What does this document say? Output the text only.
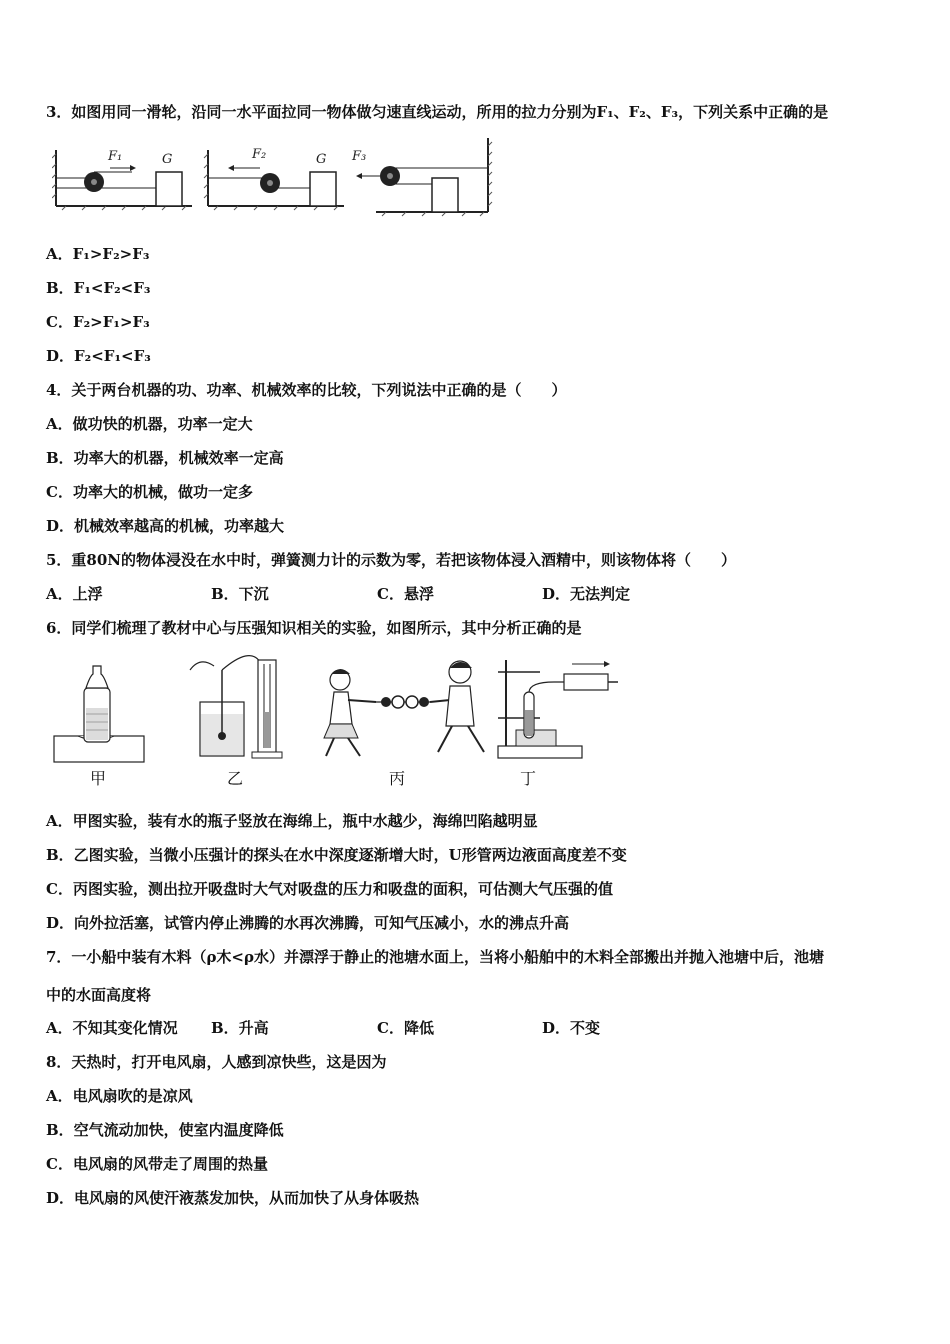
3．如图用同一滑轮，沿同一水平面拉同一物体做匀速直线运动，所用的拉力分别为F₁、F₂、F₃，下列关系中正确的是
F₁	G	F₂	G F₃
A．F₁>F₂>F₃
B．F₁<F₂<F₃
C．F₂>F₁>F₃
D．F₂<F₁<F₃
4．关于两台机器的功、功率、机械效率的比较，下列说法中正确的是（　　）
A．做功快的机器，功率一定大
B．功率大的机器，机械效率一定高
C．功率大的机械，做功一定多
D．机械效率越高的机械，功率越大
5．重80N的物体浸没在水中时，弹簧测力计的示数为零，若把该物体浸入酒精中，则该物体将（　　）
A．上浮	B．下沉	C．悬浮	D．无法判定
6．同学们梳理了教材中心与压强知识相关的实验，如图所示，其中分析正确的是
甲	乙	丙	丁
A．甲图实验，装有水的瓶子竖放在海绵上，瓶中水越少，海绵凹陷越明显
B．乙图实验，当微小压强计的探头在水中深度逐渐增大时，U形管两边液面高度差不变
C．丙图实验，测出拉开吸盘时大气对吸盘的压力和吸盘的面积，可估测大气压强的值
D．向外拉活塞，试管内停止沸腾的水再次沸腾，可知气压减小，水的沸点升高
7．一小船中装有木料（ρ木<ρ水）并漂浮于静止的池塘水面上，当将小船舶中的木料全部搬出并抛入池塘中后，池塘
中的水面高度将
A．不知其变化情况 B．升高	C．降低	D．不变
8．天热时，打开电风扇，人感到凉快些，这是因为
A．电风扇吹的是凉风
B．空气流动加快，使室内温度降低
C．电风扇的风带走了周围的热量
D．电风扇的风使汗液蒸发加快，从而加快了从身体吸热
